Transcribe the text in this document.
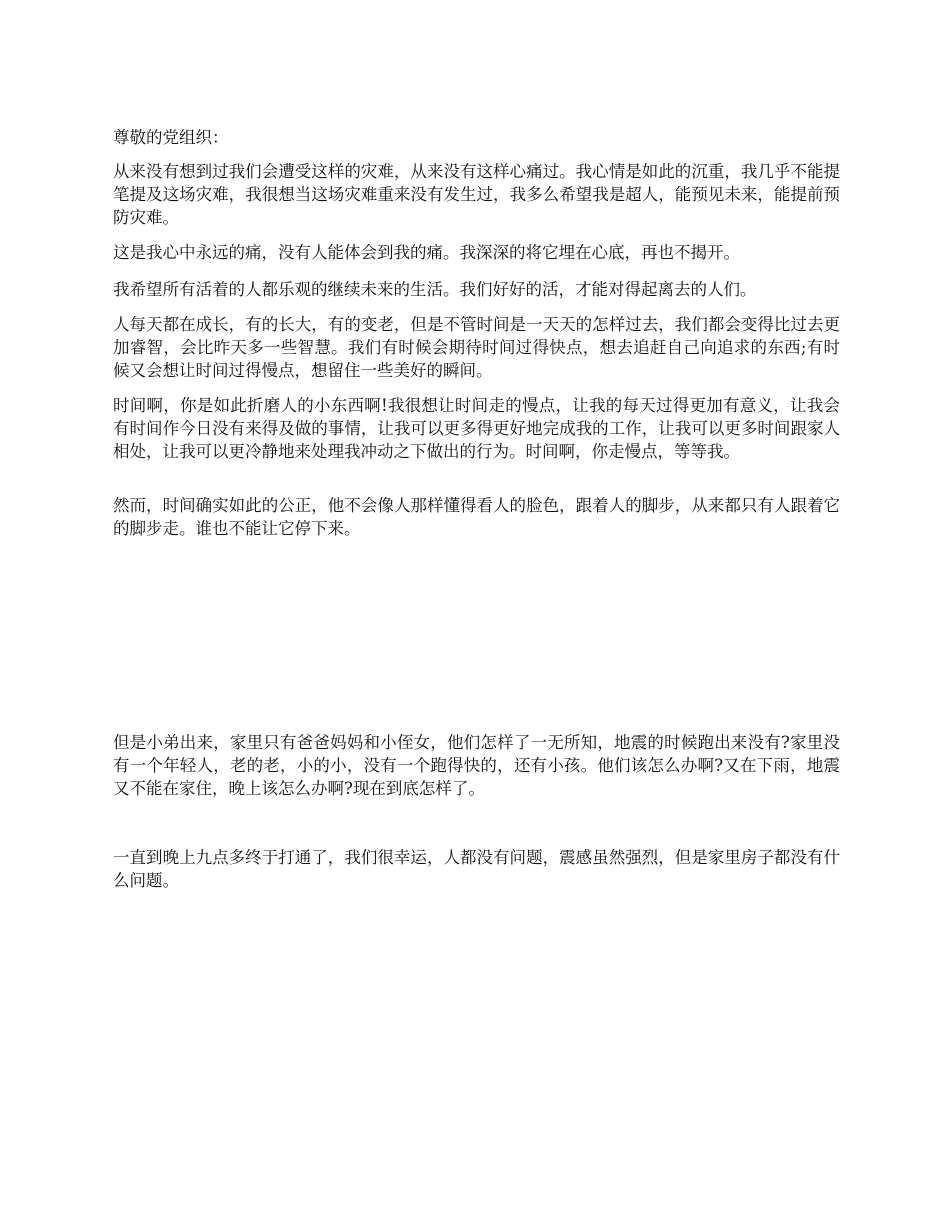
尊敬的党组织：
从来没有想到过我们会遭受这样的灾难，从来没有这样心痛过。我心情是如此的沉重，我几乎不能提笔提及这场灾难，我很想当这场灾难重来没有发生过，我多么希望我是超人，能预见未来，能提前预防灾难。
这是我心中永远的痛，没有人能体会到我的痛。我深深的将它埋在心底，再也不揭开。
我希望所有活着的人都乐观的继续未来的生活。我们好好的活，才能对得起离去的人们。
人每天都在成长，有的长大，有的变老，但是不管时间是一天天的怎样过去，我们都会变得比过去更加睿智，会比昨天多一些智慧。我们有时候会期待时间过得快点，想去追赶自己向追求的东西;有时候又会想让时间过得慢点，想留住一些美好的瞬间。
时间啊，你是如此折磨人的小东西啊!我很想让时间走的慢点，让我的每天过得更加有意义，让我会有时间作今日没有来得及做的事情，让我可以更多得更好地完成我的工作，让我可以更多时间跟家人相处，让我可以更冷静地来处理我冲动之下做出的行为。时间啊，你走慢点，等等我。
然而，时间确实如此的公正，他不会像人那样懂得看人的脸色，跟着人的脚步，从来都只有人跟着它的脚步走。谁也不能让它停下来。
但是小弟出来，家里只有爸爸妈妈和小侄女，他们怎样了一无所知，地震的时候跑出来没有?家里没有一个年轻人，老的老，小的小，没有一个跑得快的，还有小孩。他们该怎么办啊?又在下雨，地震又不能在家住，晚上该怎么办啊?现在到底怎样了。
一直到晚上九点多终于打通了，我们很幸运，人都没有问题，震感虽然强烈，但是家里房子都没有什么问题。
